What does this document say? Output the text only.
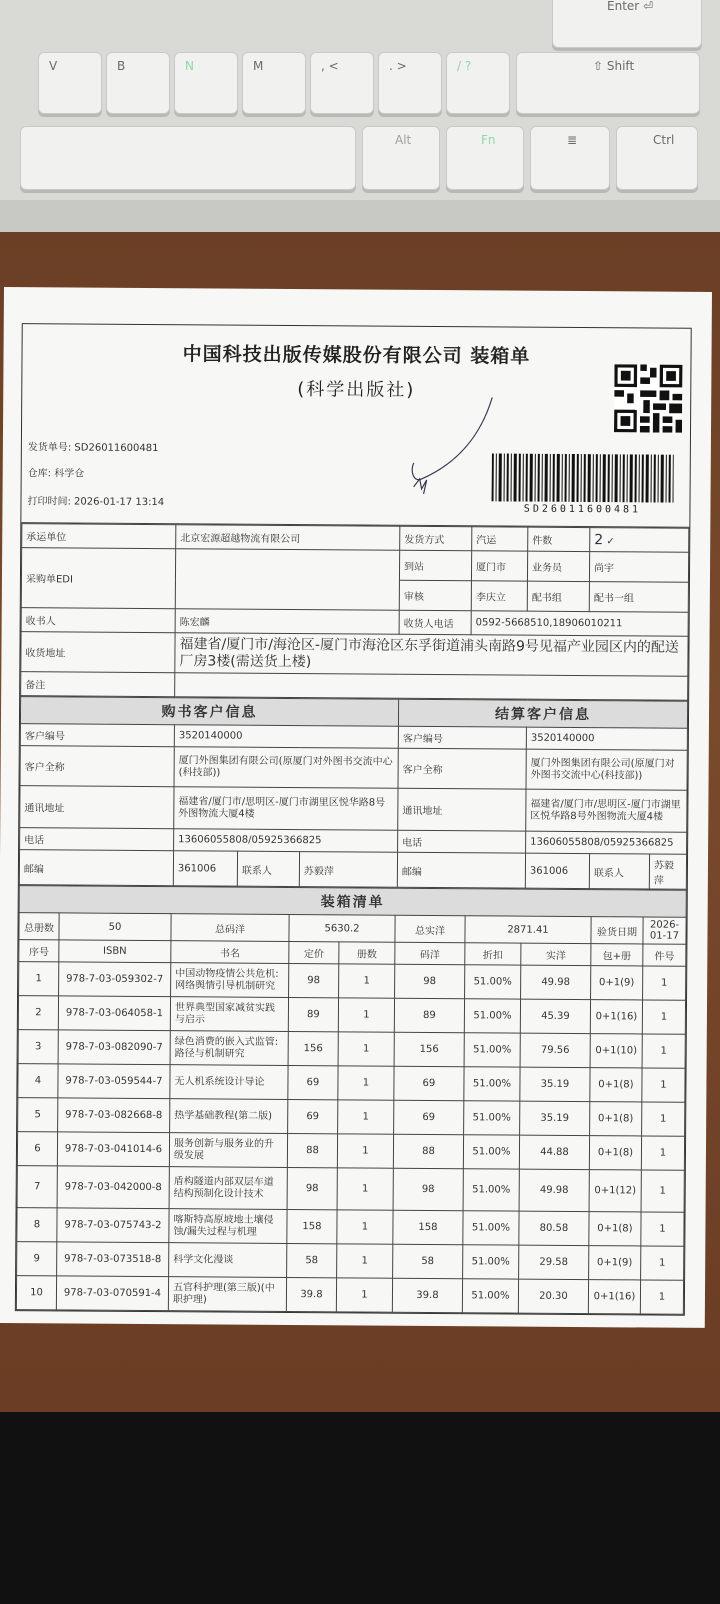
Enter ⏎
V	B	N	M	, <	. >	/ ?	⇧ Shift
Alt	Fn	≣	Ctrl
中国科技出版传媒股份有限公司 装箱单
(科学出版社)
发货单号: SD26011600481
仓库: 科学仓
打印时间: 2026-01-17 13:14
SD26011600481
承运单位	北京宏源超越物流有限公司	发货方式	汽运	件数	2 ✓
采购单EDI		到站	厦门市	业务员	尚宇
		审核	李庆立	配书组	配书一组
收书人	陈宏麟	收货人电话	0592-5668510,18906010211		
收货地址	福建省/厦门市/海沧区-厦门市海沧区东孚街道浦头南路9号见福产业园区内的配送厂房3楼(需送货上楼)				
备注					
购书客户信息				结算客户信息			
客户编号	3520140000			客户编号	3520140000		
客户全称	厦门外图集团有限公司(原厦门对外图书交流中心(科技部))			客户全称	厦门外图集团有限公司(原厦门对外图书交流中心(科技部))		
通讯地址	福建省/厦门市/思明区-厦门市湖里区悦华路8号外图物流大厦4楼			通讯地址	福建省/厦门市/思明区-厦门市湖里区悦华路8号外图物流大厦4楼		
电话	13606055808/05925366825			电话	13606055808/05925366825		
邮编	361006	联系人	苏毅萍	邮编	361006	联系人	苏毅萍
装箱清单									
总册数	50	总码洋	5630.2		总实洋	2871.41		验货日期	2026-01-17
序号	ISBN	书名	定价	册数	码洋	折扣	实洋	包+册	件号
1	978-7-03-059302-7	中国动物疫情公共危机:网络舆情引导机制研究	98	1	98	51.00%	49.98	0+1(9)	1
2	978-7-03-064058-1	世界典型国家减贫实践与启示	89	1	89	51.00%	45.39	0+1(16)	1
3	978-7-03-082090-7	绿色消费的嵌入式监管:路径与机制研究	156	1	156	51.00%	79.56	0+1(10)	1
4	978-7-03-059544-7	无人机系统设计导论	69	1	69	51.00%	35.19	0+1(8)	1
5	978-7-03-082668-8	热学基础教程(第二版)	69	1	69	51.00%	35.19	0+1(8)	1
6	978-7-03-041014-6	服务创新与服务业的升级发展	88	1	88	51.00%	44.88	0+1(8)	1
7	978-7-03-042000-8	盾构隧道内部双层车道结构预制化设计技术	98	1	98	51.00%	49.98	0+1(12)	1
8	978-7-03-075743-2	喀斯特高原坡地土壤侵蚀/漏失过程与机理	158	1	158	51.00%	80.58	0+1(8)	1
9	978-7-03-073518-8	科学文化漫谈	58	1	58	51.00%	29.58	0+1(9)	1
10	978-7-03-070591-4	五官科护理(第三版)(中职护理)	39.8	1	39.8	51.00%	20.30	0+1(16)	1
